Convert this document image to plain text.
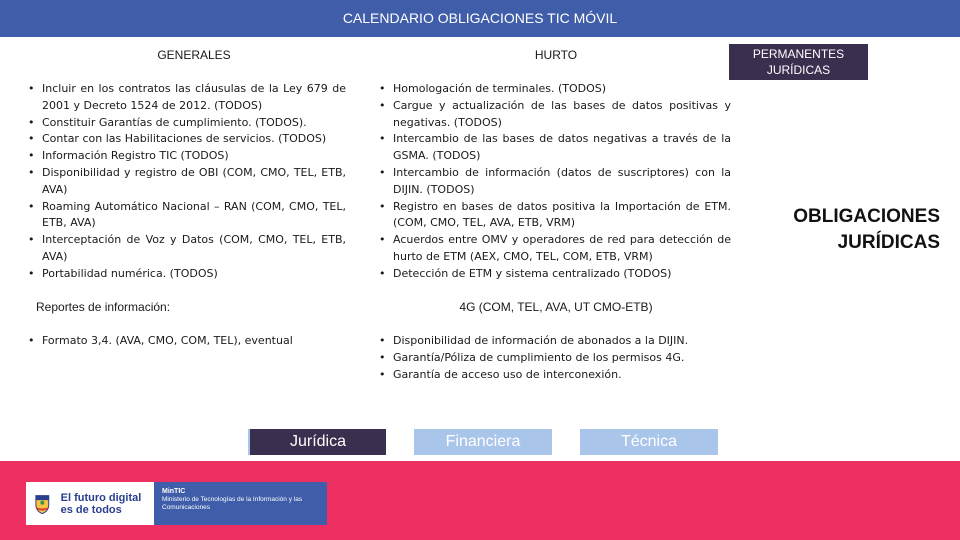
CALENDARIO OBLIGACIONES TIC MÓVIL
GENERALES	HURTO	PERMANENTES JURÍDICAS
• Incluir en los contratos las cláusulas de la Ley 679 de 2001 y Decreto 1524 de 2012. (TODOS)
• Constituir Garantías de cumplimiento. (TODOS).
• Contar con las Habilitaciones de servicios. (TODOS)
• Información Registro TIC (TODOS)
• Disponibilidad y registro de OBI (COM, CMO, TEL, ETB, AVA)
• Roaming Automático Nacional – RAN (COM, CMO, TEL, ETB, AVA)
• Interceptación de Voz y Datos (COM, CMO, TEL, ETB, AVA)
• Portabilidad numérica. (TODOS)
• Homologación de terminales. (TODOS)
• Cargue y actualización de las bases de datos positivas y negativas. (TODOS)
• Intercambio de las bases de datos negativas a través de la GSMA. (TODOS)
• Intercambio de información (datos de suscriptores) con la DIJIN. (TODOS)
• Registro en bases de datos positiva la Importación de ETM. (COM, CMO, TEL, AVA, ETB, VRM)
• Acuerdos entre OMV y operadores de red para detección de hurto de ETM (AEX, CMO, TEL, COM, ETB, VRM)
• Detección de ETM y sistema centralizado (TODOS)
Reportes de información:	4G (COM, TEL, AVA, UT CMO-ETB)
• Formato 3,4. (AVA, CMO, COM, TEL), eventual
•	Disponibilidad de información de abonados a la DIJIN.
• Garantía/Póliza de cumplimiento de los permisos 4G.
• Garantía de acceso uso de interconexión.
OBLIGACIONES JURÍDICAS
Jurídica	Financiera	Técnica
El futuro digital es de todos
MinTIC
Ministerio de Tecnologías de la Información y las Comunicaciones
